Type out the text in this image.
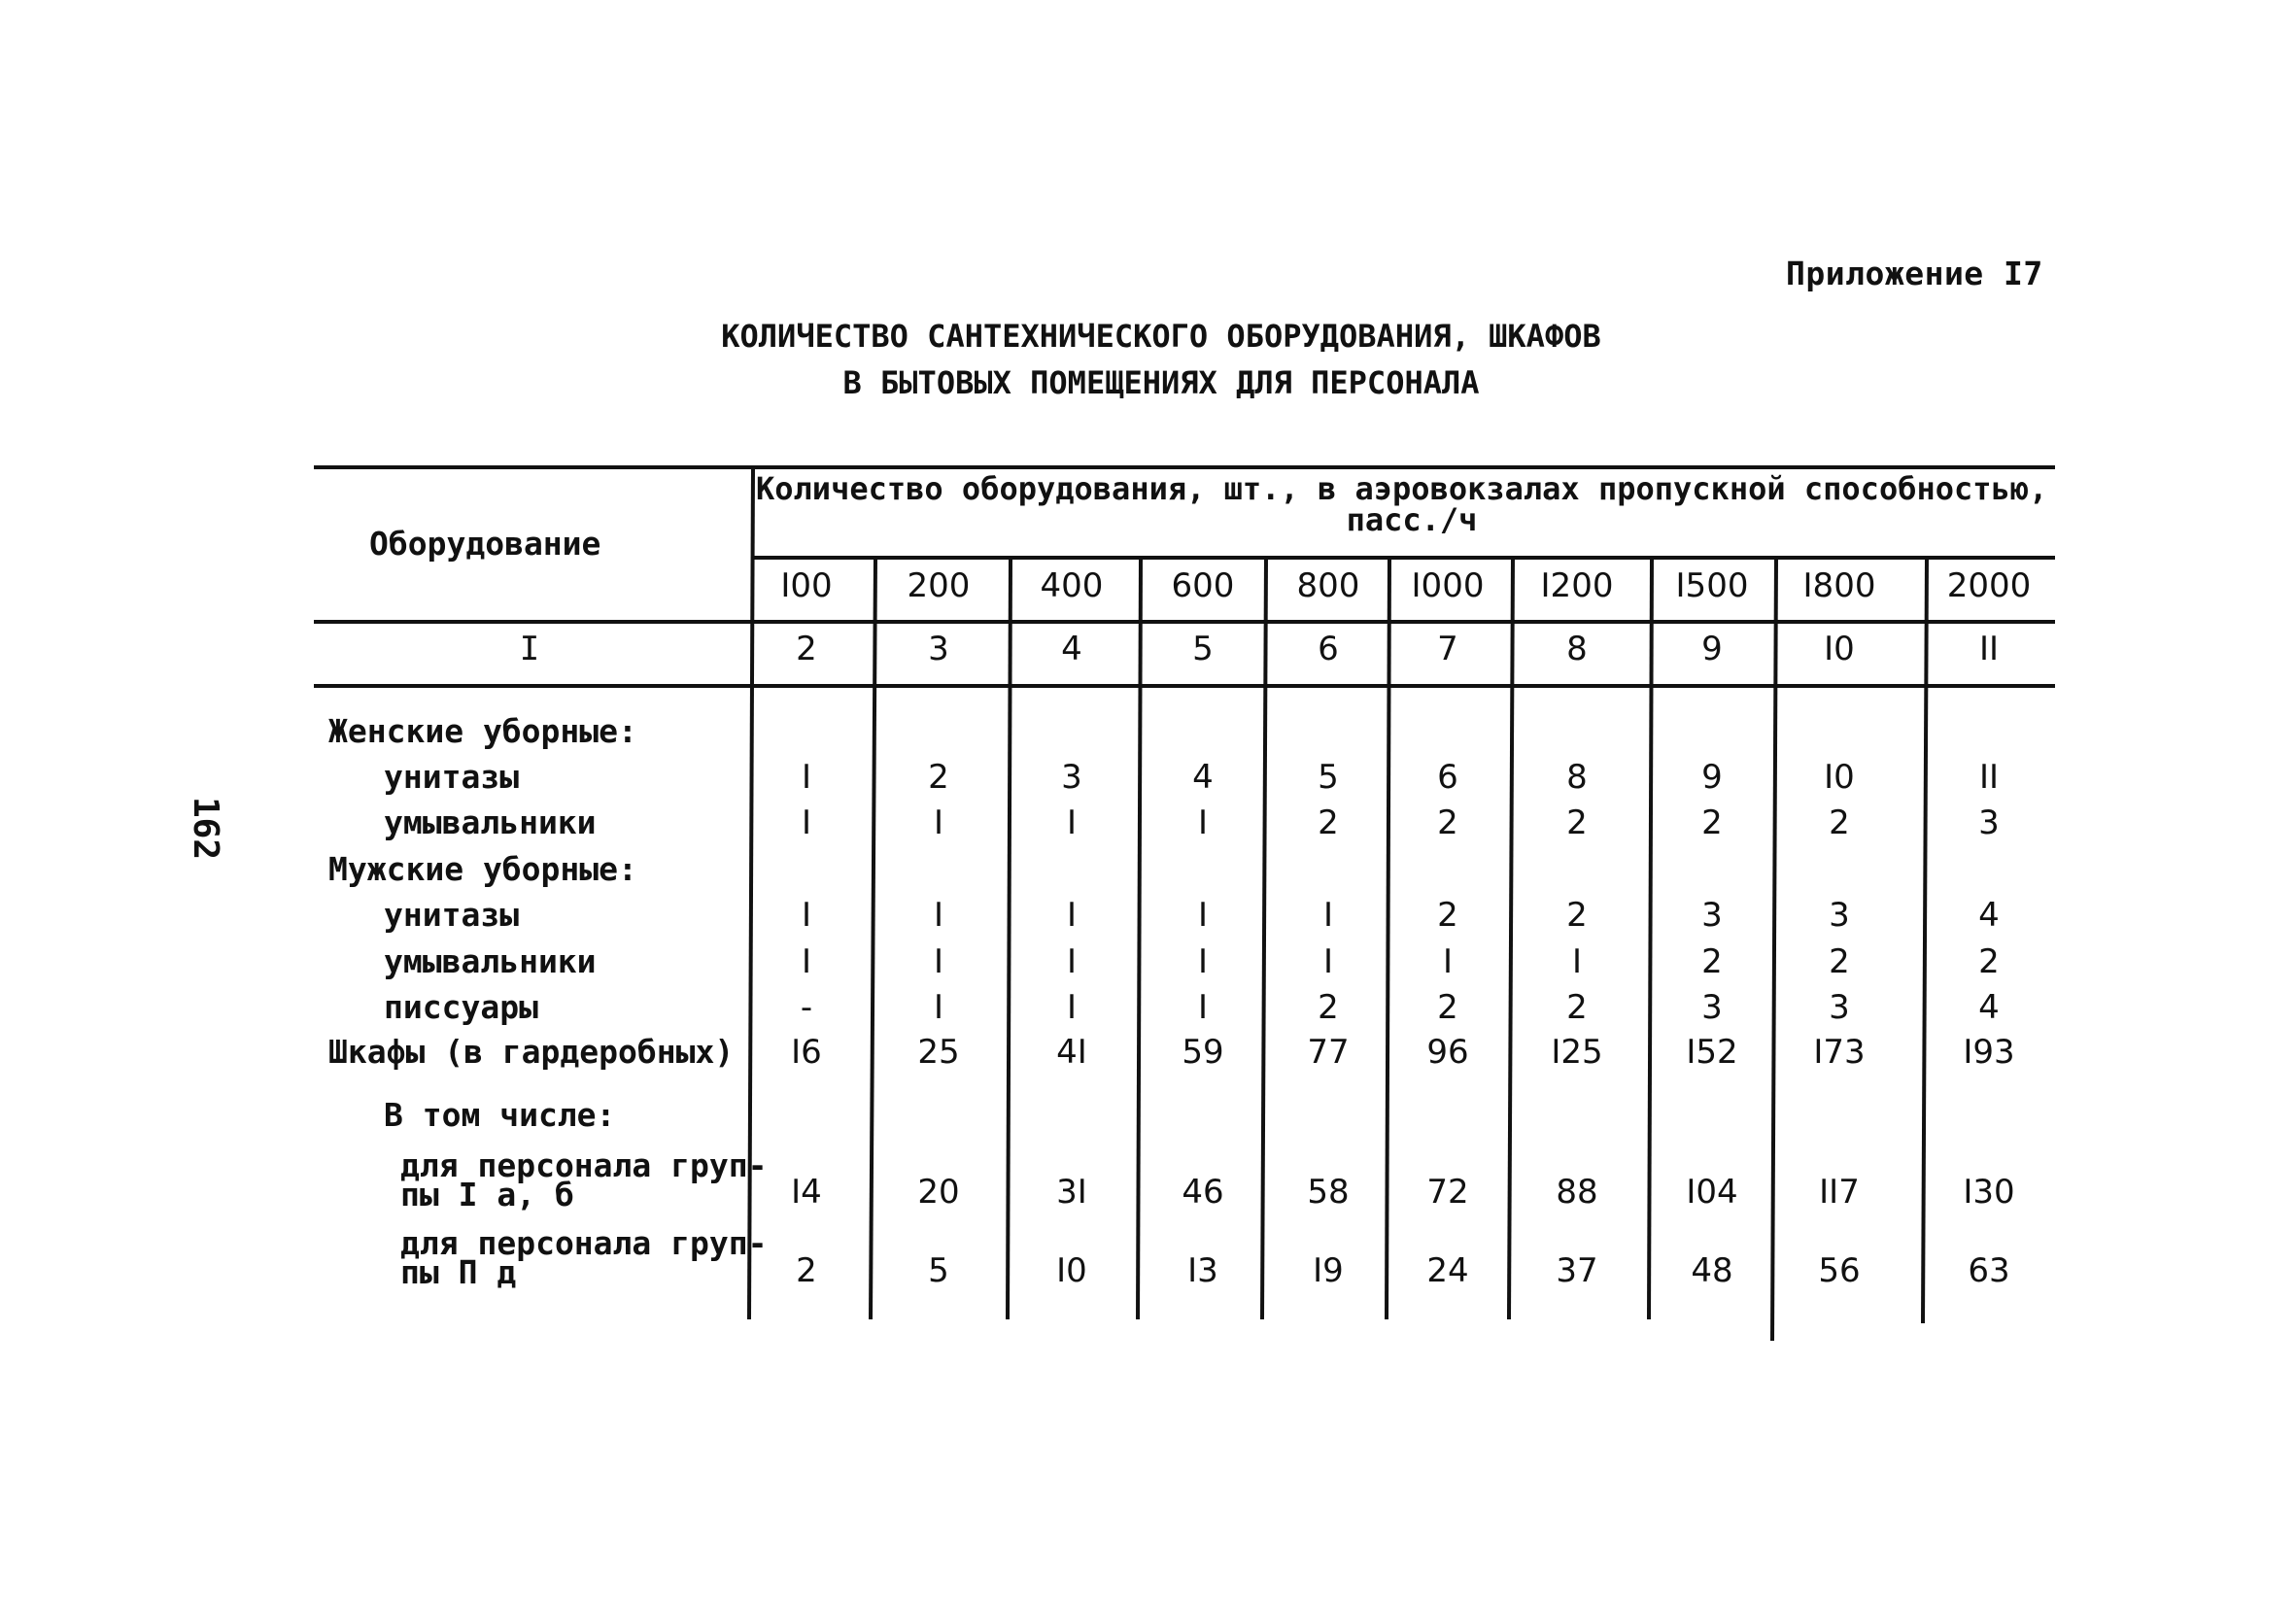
Приложение I7
КОЛИЧЕСТВО САНТЕХНИЧЕСКОГО ОБОРУДОВАНИЯ, ШКАФОВ
В БЫТОВЫХ ПОМЕЩЕНИЯХ ДЛЯ ПЕРСОНАЛА
162
Оборудование
Количество оборудования, шт., в аэровокзалах пропускной способностью,
пасс./ч
I00	200	400	600	800	I000	I200	I500	I800	2000
I	2	3	4	5	6	7	8	9	I0	II
Женские уборные:
унитазы	I	2	3	4	5	6	8	9	I0	II
умывальники	I	I	I	I	2	2	2	2	2	3
Мужские уборные:
унитазы	I	I	I	I	I	2	2	3	3	4
умывальники	I	I	I	I	I	I	I	2	2	2
писсуары	-	I	I	I	2	2	2	3	3	4
Шкафы (в гардеробных)	I6	25	4I	59	77	96	I25	I52	I73	I93
В том числе:
для персонала груп-
пы I а, б	I4	20	3I	46	58	72	88	I04	II7	I30
для персонала груп-
пы П д	2	5	I0	I3	I9	24	37	48	56	63
